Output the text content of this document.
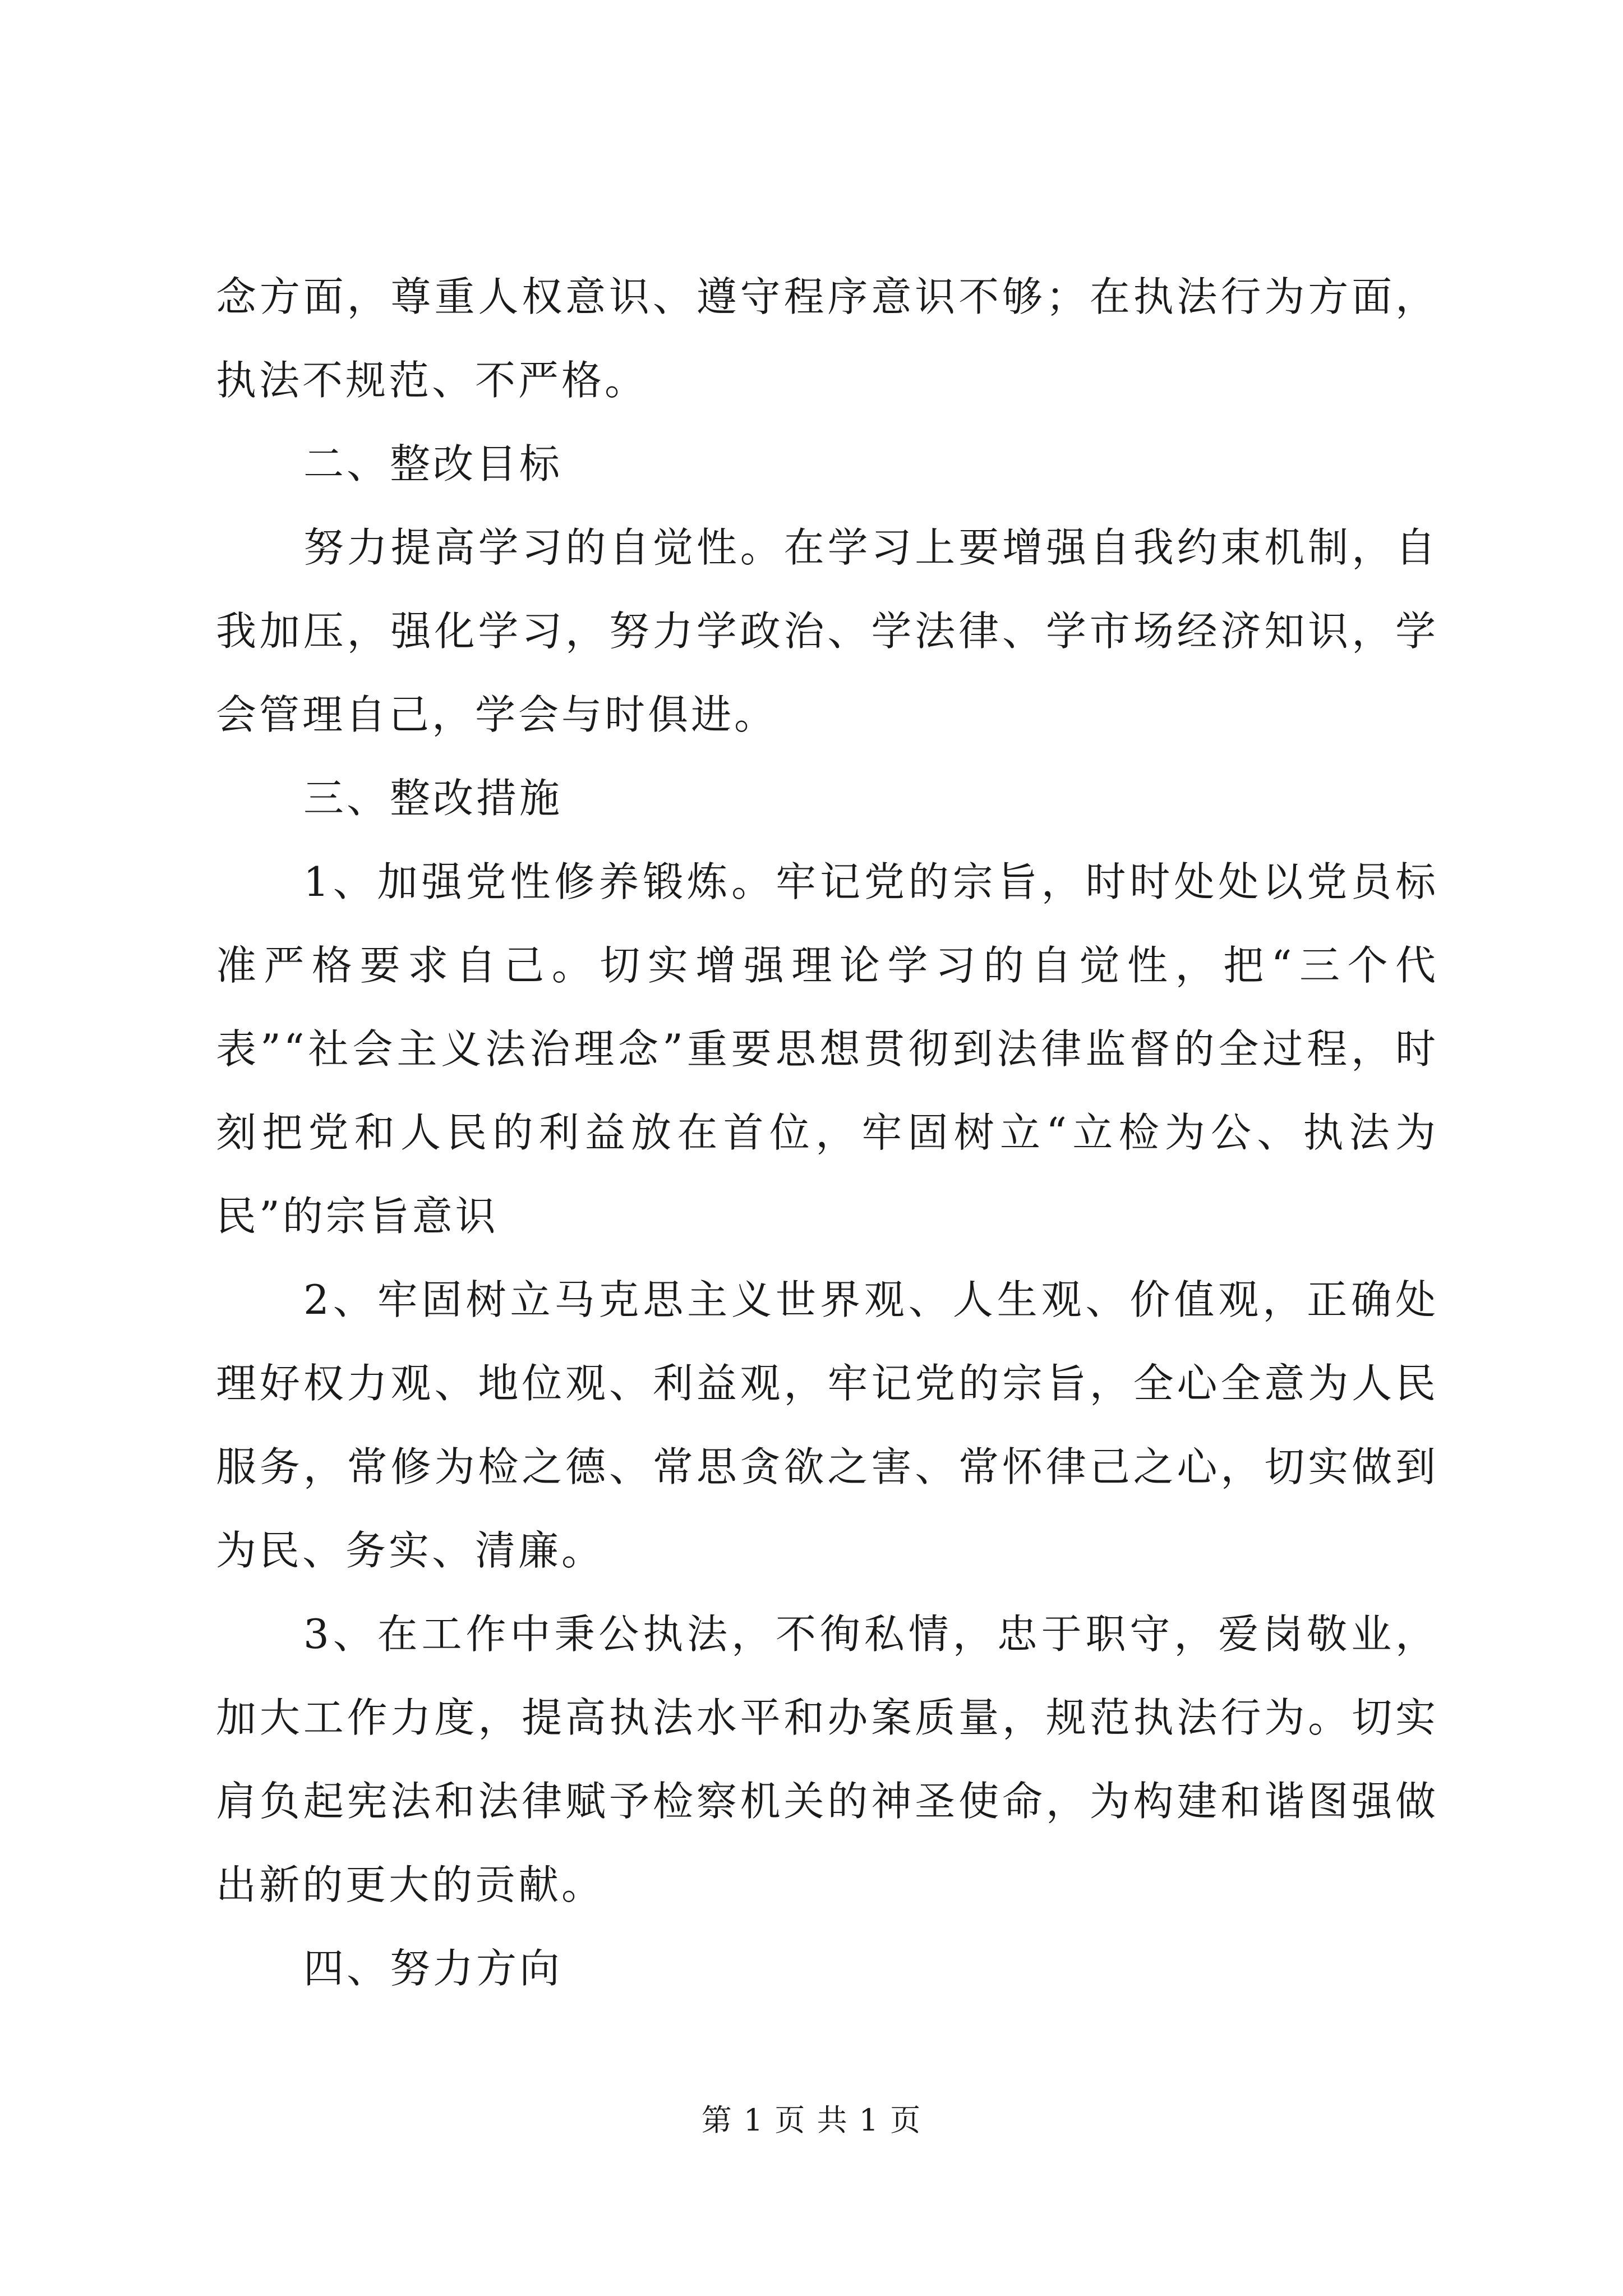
念方面，尊重人权意识、遵守程序意识不够；在执法行为方面，执法不规范、不严格。

二、整改目标

努力提高学习的自觉性。在学习上要增强自我约束机制，自我加压，强化学习，努力学政治、学法律、学市场经济知识，学会管理自己，学会与时俱进。

三、整改措施

1、加强党性修养锻炼。牢记党的宗旨，时时处处以党员标准严格要求自己。切实增强理论学习的自觉性，把“三个代表”“社会主义法治理念”重要思想贯彻到法律监督的全过程，时刻把党和人民的利益放在首位，牢固树立“立检为公、执法为民”的宗旨意识

2、牢固树立马克思主义世界观、人生观、价值观，正确处理好权力观、地位观、利益观，牢记党的宗旨，全心全意为人民服务，常修为检之德、常思贪欲之害、常怀律己之心，切实做到为民、务实、清廉。

3、在工作中秉公执法，不徇私情，忠于职守，爱岗敬业，加大工作力度，提高执法水平和办案质量，规范执法行为。切实肩负起宪法和法律赋予检察机关的神圣使命，为构建和谐图强做出新的更大的贡献。

四、努力方向

第 1 页 共 1 页
